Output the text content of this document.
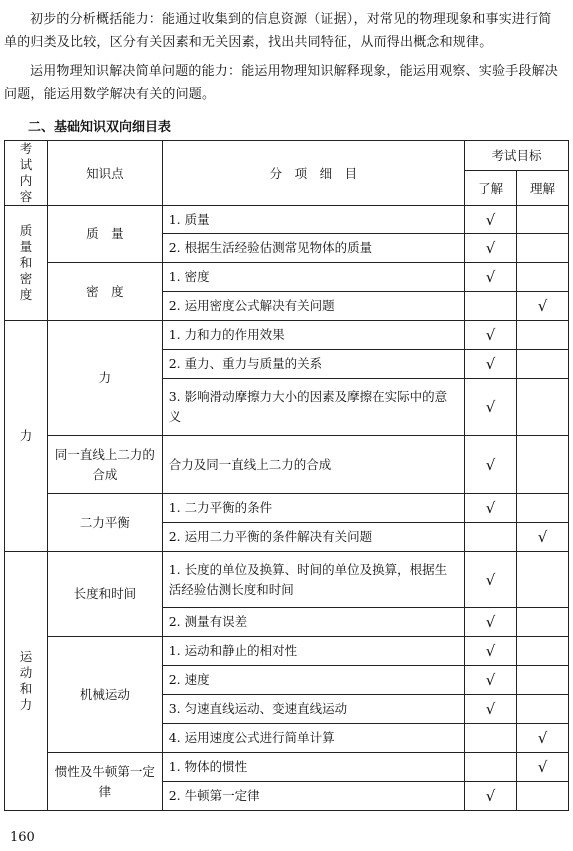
初步的分析概括能力：能通过收集到的信息资源（证据），对常见的物理现象和事实进行简单的归类及比较，区分有关因素和无关因素，找出共同特征，从而得出概念和规律。

运用物理知识解决简单问题的能力：能运用物理知识解释现象，能运用观察、实验手段解决问题，能运用数学解决有关的问题。

二、基础知识双向细目表

考
试
内
容	知识点	分　项　细　目	考试目标	
			了解	理解

质
量
和
密
度	质　量	1. 质量	√	
		2. 根据生活经验估测常见物体的质量	√	
	密　度	1. 密度	√	
		2. 运用密度公式解决有关问题		√

力	力	1. 力和力的作用效果	√	
		2. 重力、重力与质量的关系	√	
		3. 影响滑动摩擦力大小的因素及摩擦在实际中的意义	√	
	同一直线上二力的合成	合力及同一直线上二力的合成	√	
	二力平衡	1. 二力平衡的条件	√	
		2. 运用二力平衡的条件解决有关问题		√

运
动
和
力	长度和时间	1. 长度的单位及换算、时间的单位及换算，根据生活经验估测长度和时间	√	
		2. 测量有误差	√	
	机械运动	1. 运动和静止的相对性	√	
		2. 速度	√	
		3. 匀速直线运动、变速直线运动	√	
		4. 运用速度公式进行简单计算		√
	惯性及牛顿第一定律	1. 物体的惯性		√
		2. 牛顿第一定律	√	

160
